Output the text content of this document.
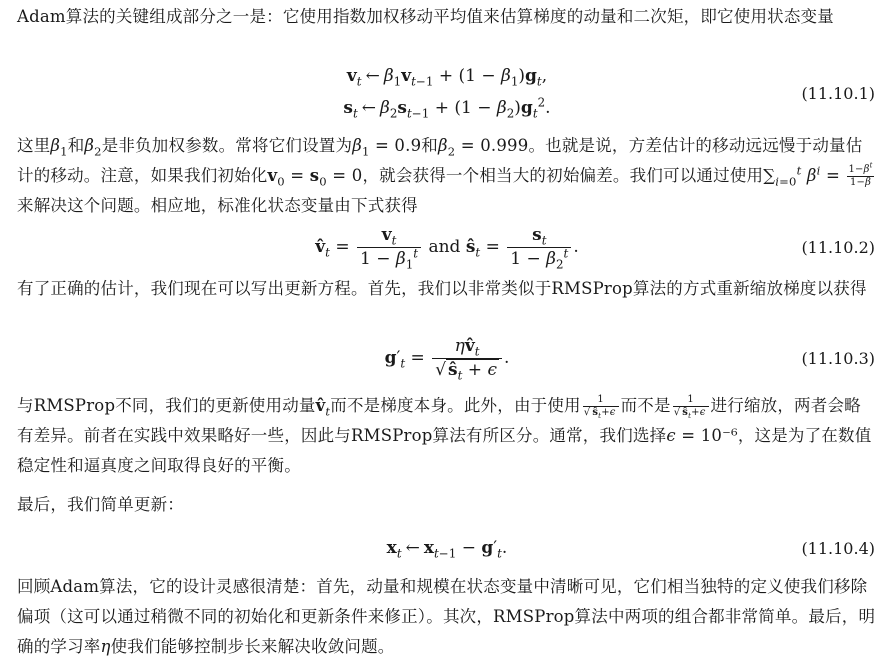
Adam算法的关键组成部分之一是：它使用指数加权移动平均值来估算梯度的动量和二次矩，即它使用状态变量

$v_t$ ← $\beta_1v_{t-1} + (1 - \beta_1)g_t$,
$s_t$ ← $\beta_2s_{t-1} + (1 - \beta_2)g_t^2$.
(11.10.1)

这里$\beta_1$和$\beta_2$是非负加权参数。常将它们设置为$\beta_1 = 0.9$和$\beta_2 = 0.999$。也就是说，方差估计的移动远远慢于动量估计的移动。注意，如果我们初始化$v_0 = s_0 = 0$，就会获得一个相当大的初始偏差。我们可以通过使用$\sum_{i=0}^t$ $\beta^i = \frac{1-\beta^t}{1-\beta}$
来解决这个问题。相应地，标准化状态变量由下式获得

$v̂_t = \frac{v_t}{1 - \beta_1^t}$ and $ŝ_t = \frac{s_t}{1 - \beta_2^t}$ .	(11.10.2)

有了正确的估计，我们现在可以写出更新方程。首先，我们以非常类似于RMSProp算法的方式重新缩放梯度以获得

$g'_t = \frac{\eta v̂_t}{√ ŝ_t + \epsilon}$ .	(11.10.3)

与RMSProp不同，我们的更新使用动量$v̂_t$而不是梯度本身。此外，由于使用 $\frac{1}{√ ŝ_t+\epsilon}$ 而不是 $\frac{1}{√ ŝ_t+\epsilon}$ 进行缩放，两者会略有差异。前者在实践中效果略好一些，因此与RMSProp算法有所区分。通常，我们选择ϵ = 10⁻⁶，这是为了在数值稳定性和逼真度之间取得良好的平衡。

最后，我们简单更新：

$x_t$ ← $x_{t-1} - g'_t$.	(11.10.4)

回顾Adam算法，它的设计灵感很清楚：首先，动量和规模在状态变量中清晰可见，它们相当独特的定义使我们移除偏项（这可以通过稍微不同的初始化和更新条件来修正）。其次，RMSProp算法中两项的组合都非常简单。最后，明确的学习率η使我们能够控制步长来解决收敛问题。
